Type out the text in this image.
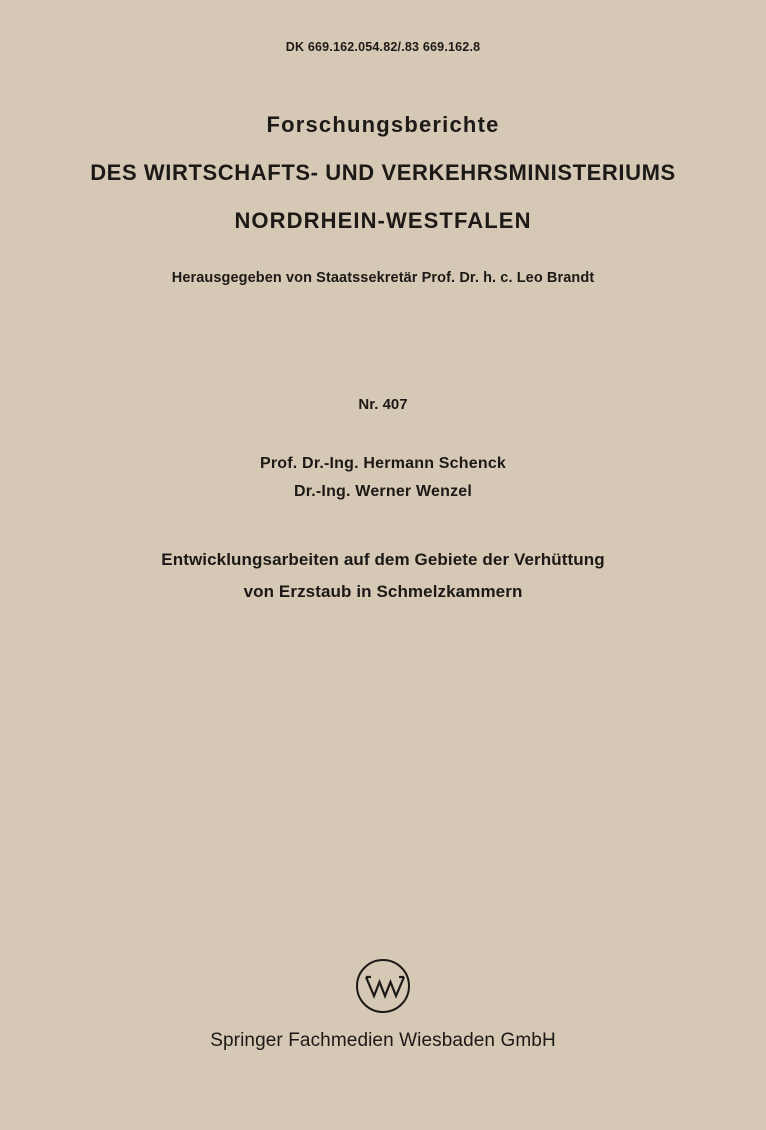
DK 669.162.054.82/.83 669.162.8
Forschungsberichte
DES WIRTSCHAFTS- UND VERKEHRSMINISTERIUMS
NORDRHEIN-WESTFALEN
Herausgegeben von Staatssekretär Prof. Dr. h. c. Leo Brandt
Nr. 407
Prof. Dr.-Ing. Hermann Schenck
Dr.-Ing. Werner Wenzel
Entwicklungsarbeiten auf dem Gebiete der Verhüttung
von Erzstaub in Schmelzkammern
Springer Fachmedien Wiesbaden GmbH
